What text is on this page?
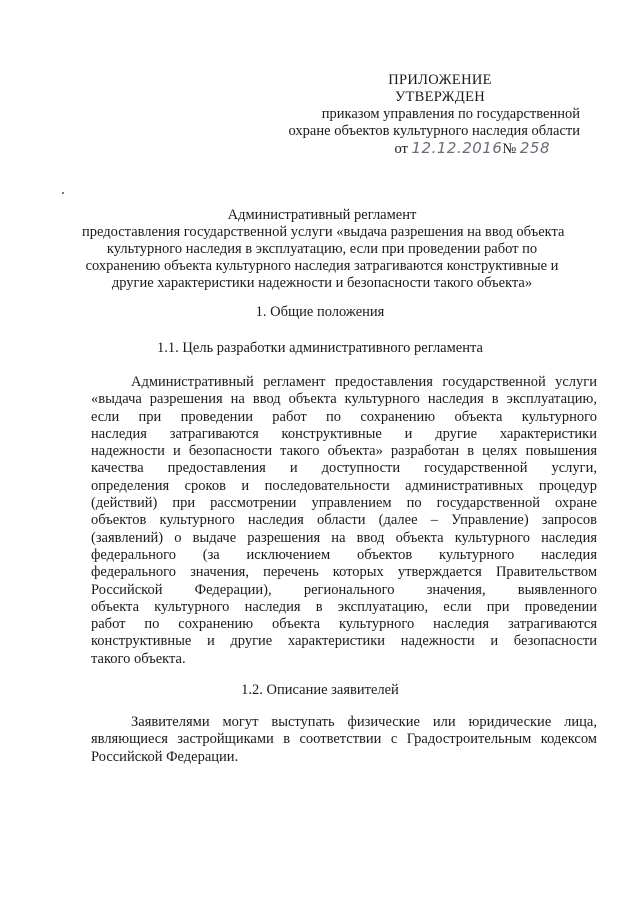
ПРИЛОЖЕНИЕ
УТВЕРЖДЕН
приказом управления по государственной
охране объектов культурного наследия области
от 12.12.2016№ 258
Административный регламент
предоставления государственной услуги «выдача разрешения на ввод объекта
культурного наследия в эксплуатацию, если при проведении работ по
сохранению объекта культурного наследия затрагиваются конструктивные и
другие характеристики надежности и безопасности такого объекта»
1. Общие положения
1.1. Цель разработки административного регламента
Административный регламент предоставления государственной услуги
«выдача разрешения на ввод объекта культурного наследия в эксплуатацию,
если при проведении работ по сохранению объекта культурного
наследия затрагиваются конструктивные и другие характеристики
надежности и безопасности такого объекта» разработан в целях повышения
качества предоставления и доступности государственной услуги,
определения сроков и последовательности административных процедур
(действий) при рассмотрении управлением по государственной охране
объектов культурного наследия области (далее – Управление) запросов
(заявлений) о выдаче разрешения на ввод объекта культурного наследия
федерального (за исключением объектов культурного наследия
федерального значения, перечень которых утверждается Правительством
Российской Федерации), регионального значения, выявленного
объекта культурного наследия в эксплуатацию, если при проведении
работ по сохранению объекта культурного наследия затрагиваются
конструктивные и другие характеристики надежности и безопасности
такого объекта.
1.2. Описание заявителей
Заявителями могут выступать физические или юридические лица,
являющиеся застройщиками в соответствии с Градостроительным кодексом
Российской Федерации.
